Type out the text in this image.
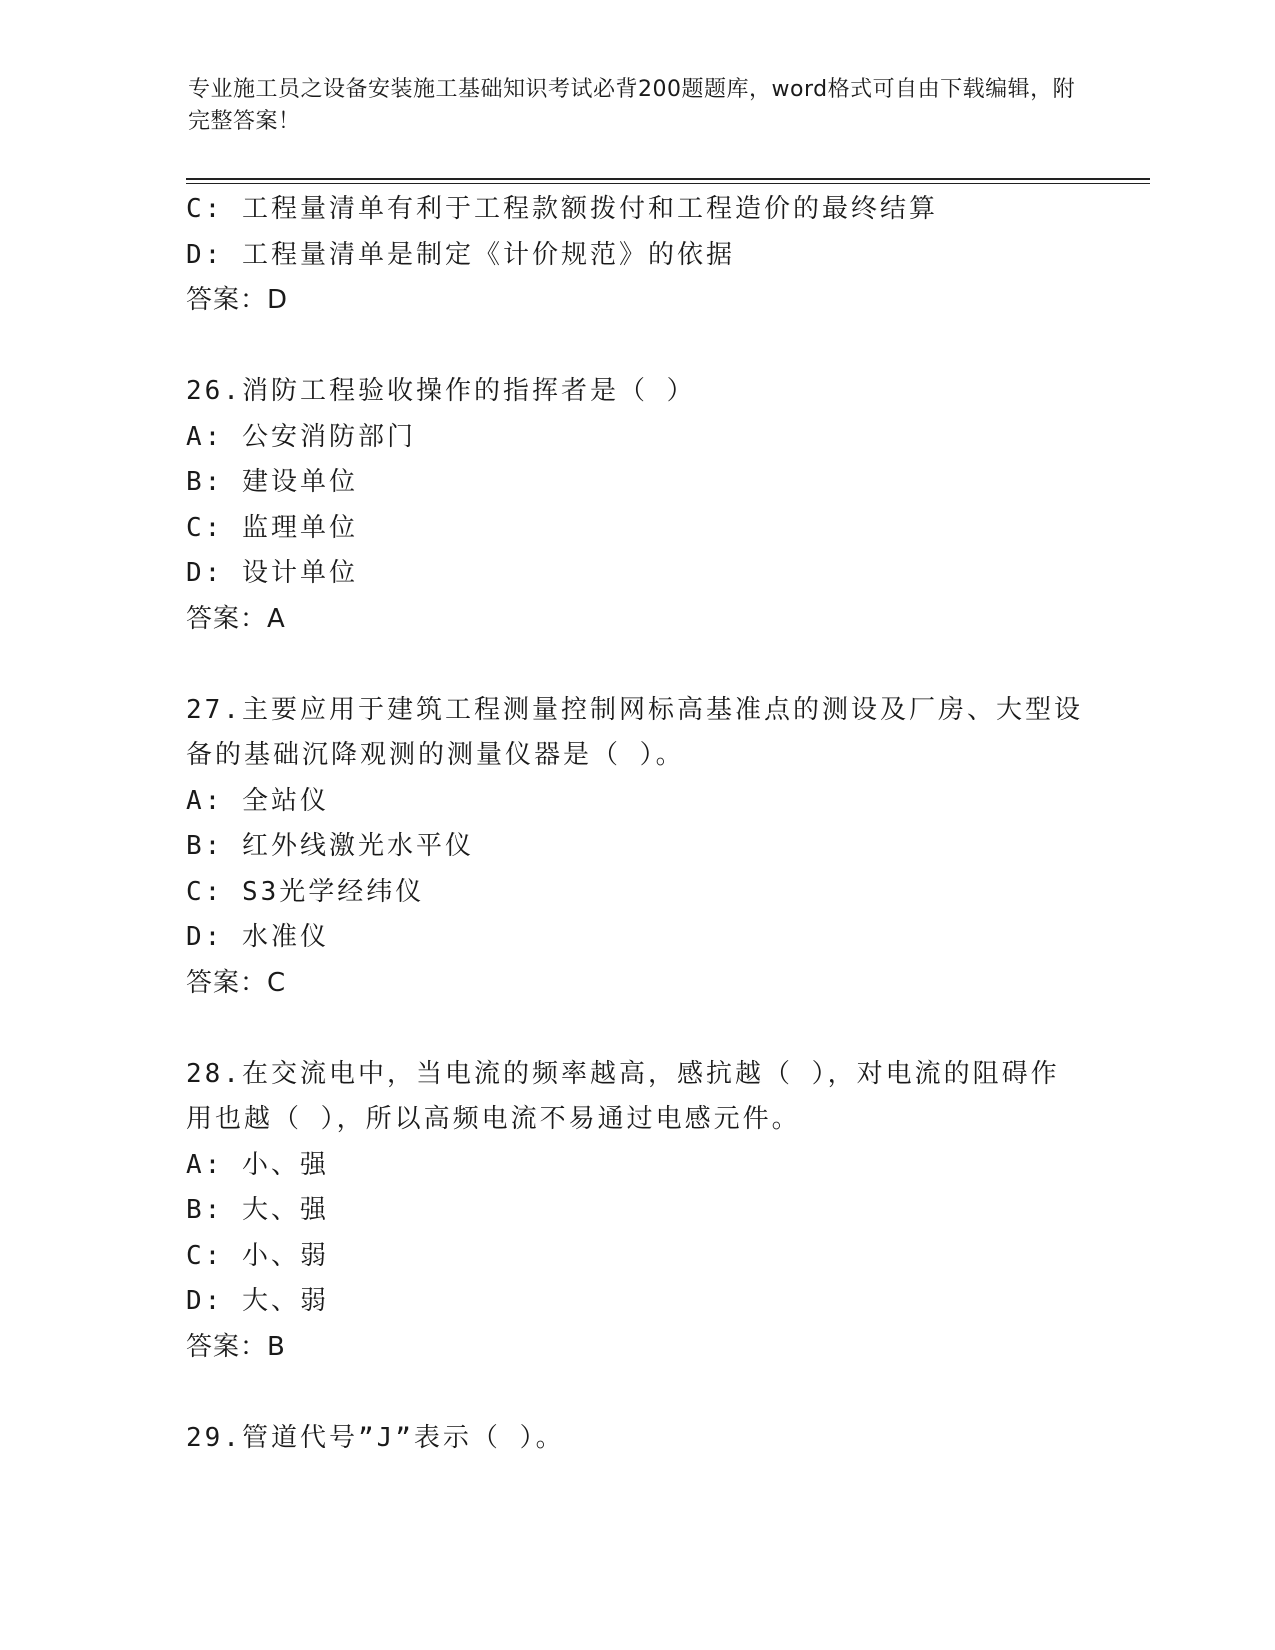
专业施工员之设备安装施工基础知识考试必背200题题库，word格式可自由下载编辑，附完整答案！
C: 工程量清单有利于工程款额拨付和工程造价的最终结算
D: 工程量清单是制定《计价规范》的依据
答案：D
26.消防工程验收操作的指挥者是（ ）
A: 公安消防部门
B: 建设单位
C: 监理单位
D: 设计单位
答案：A
27.主要应用于建筑工程测量控制网标高基准点的测设及厂房、大型设
备的基础沉降观测的测量仪器是（ ）。
A: 全站仪
B: 红外线激光水平仪
C: S3光学经纬仪
D: 水准仪
答案：C
28.在交流电中，当电流的频率越高，感抗越（ ），对电流的阻碍作
用也越（ ），所以高频电流不易通过电感元件。
A: 小、强
B: 大、强
C: 小、弱
D: 大、弱
答案：B
29.管道代号”J”表示（ ）。
